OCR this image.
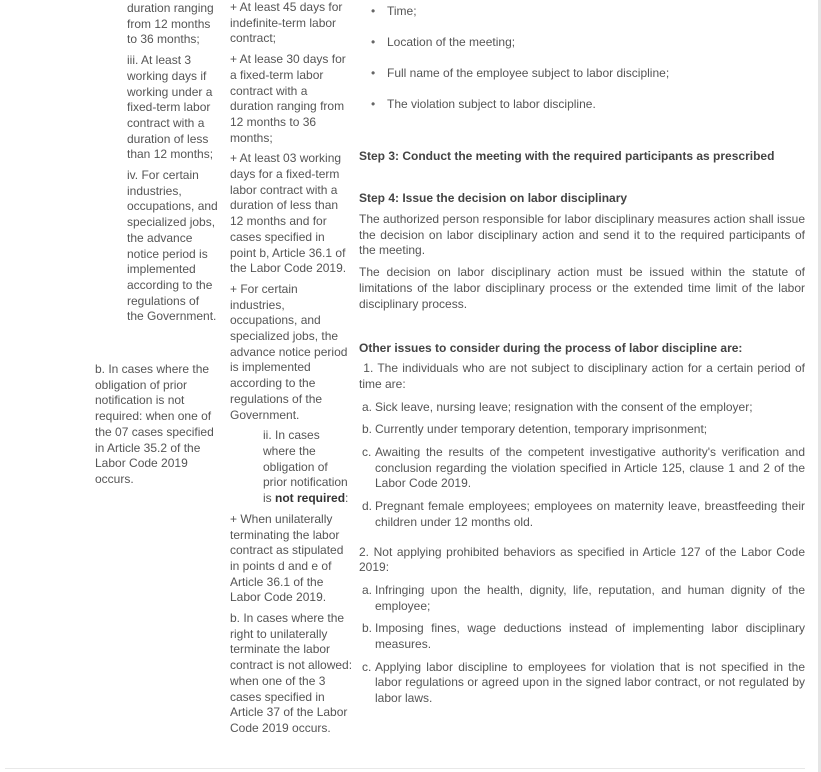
duration ranging from 12 months to 36 months;

iii. At least 3 working days if working under a fixed-term labor contract with a duration of less than 12 months;

iv. For certain industries, occupations, and specialized jobs, the advance notice period is implemented according to the regulations of the Government.

b. In cases where the obligation of prior notification is not required: when one of the 07 cases specified in Article 35.2 of the Labor Code 2019 occurs.

+ At least 45 days for indefinite-term labor contract;

+ At lease 30 days for a fixed-term labor contract with a duration ranging from 12 months to 36 months;

+ At least 03 working days for a fixed-term labor contract with a duration of less than 12 months and for cases specified in point b, Article 36.1 of the Labor Code 2019.

+ For certain industries, occupations, and specialized jobs, the advance notice period is implemented according to the regulations of the Government.

ii. In cases where the obligation of prior notification is not required:

+ When unilaterally terminating the labor contract as stipulated in points d and e of Article 36.1 of the Labor Code 2019.

b. In cases where the right to unilaterally terminate the labor contract is not allowed: when one of the 3 cases specified in Article 37 of the Labor Code 2019 occurs.

• Time;
• Location of the meeting;
• Full name of the employee subject to labor discipline;
• The violation subject to labor discipline.
Step 3: Conduct the meeting with the required participants as prescribed
Step 4: Issue the decision on labor disciplinary

The authorized person responsible for labor disciplinary measures action shall issue the decision on labor disciplinary action and send it to the required participants of the meeting.

The decision on labor disciplinary action must be issued within the statute of limitations of the labor disciplinary process or the extended time limit of the labor disciplinary process.

Other issues to consider during the process of labor discipline are:

1. The individuals who are not subject to disciplinary action for a certain period of time are:

a. Sick leave, nursing leave; resignation with the consent of the employer;
b. Currently under temporary detention, temporary imprisonment;
c. Awaiting the results of the competent investigative authority's verification and conclusion regarding the violation specified in Article 125, clause 1 and 2 of the Labor Code 2019.
d. Pregnant female employees; employees on maternity leave, breastfeeding their children under 12 months old.

2. Not applying prohibited behaviors as specified in Article 127 of the Labor Code 2019:

a. Infringing upon the health, dignity, life, reputation, and human dignity of the employee;
b. Imposing fines, wage deductions instead of implementing labor disciplinary measures.
c. Applying labor discipline to employees for violation that is not specified in the labor regulations or agreed upon in the signed labor contract, or not regulated by labor laws.
